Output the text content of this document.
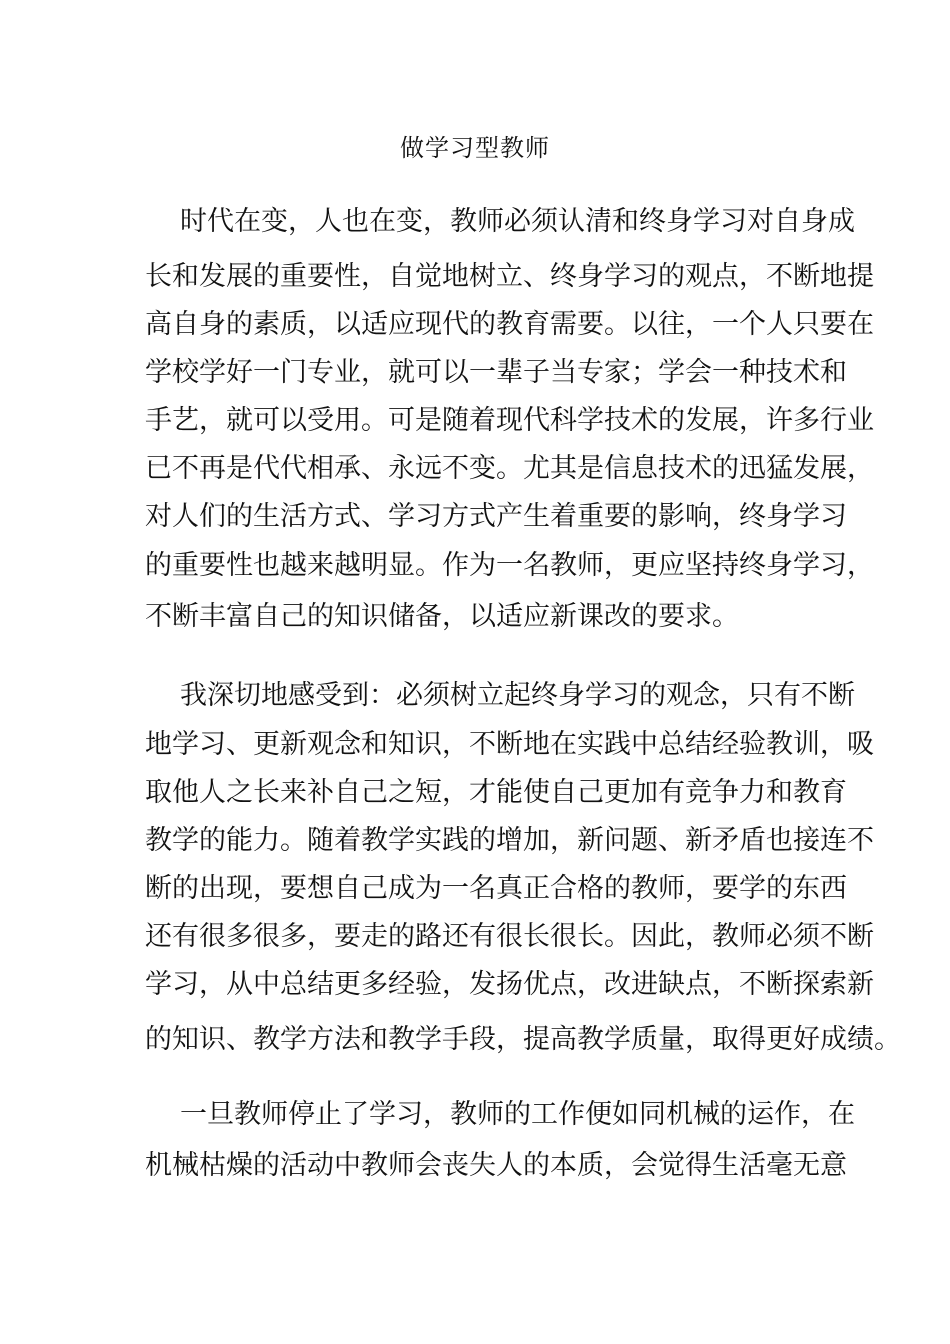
做学习型教师
时代在变，人也在变，教师必须认清和终身学习对自身成
长和发展的重要性，自觉地树立、终身学习的观点，不断地提
高自身的素质，以适应现代的教育需要。以往，一个人只要在
学校学好一门专业，就可以一辈子当专家；学会一种技术和
手艺，就可以受用。可是随着现代科学技术的发展，许多行业
已不再是代代相承、永远不变。尤其是信息技术的迅猛发展，
对人们的生活方式、学习方式产生着重要的影响，终身学习
的重要性也越来越明显。作为一名教师，更应坚持终身学习，
不断丰富自己的知识储备，以适应新课改的要求。
我深切地感受到：必须树立起终身学习的观念，只有不断
地学习、更新观念和知识，不断地在实践中总结经验教训，吸
取他人之长来补自己之短，才能使自己更加有竞争力和教育
教学的能力。随着教学实践的增加，新问题、新矛盾也接连不
断的出现，要想自己成为一名真正合格的教师，要学的东西
还有很多很多，要走的路还有很长很长。因此，教师必须不断
学习，从中总结更多经验，发扬优点，改进缺点，不断探索新
的知识、教学方法和教学手段，提高教学质量，取得更好成绩。
一旦教师停止了学习，教师的工作便如同机械的运作，在
机械枯燥的活动中教师会丧失人的本质，会觉得生活毫无意
